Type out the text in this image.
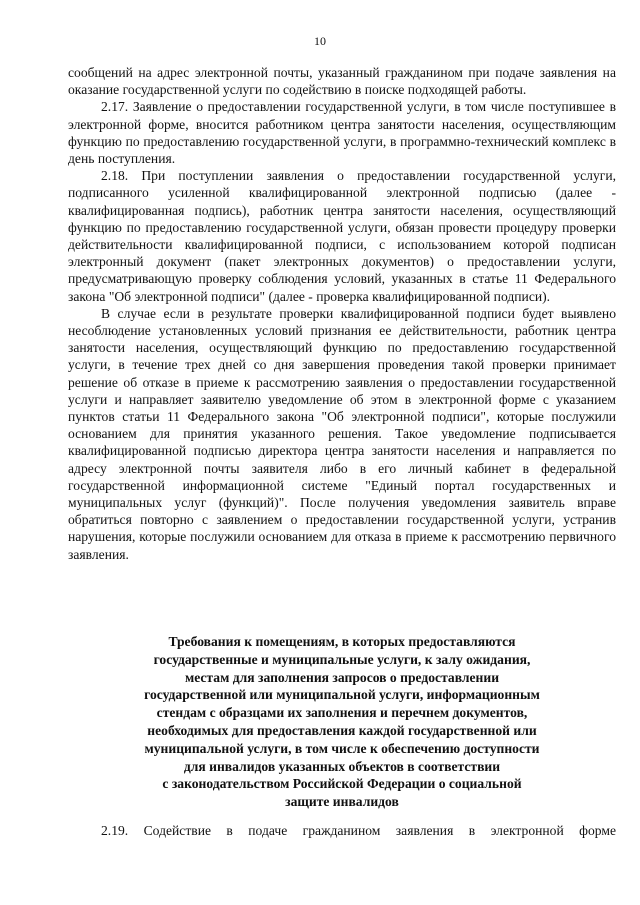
10

сообщений на адрес электронной почты, указанный гражданином при подаче заявления на оказание государственной услуги по содействию в поиске подходящей работы.

2.17. Заявление о предоставлении государственной услуги, в том числе поступившее в электронной форме, вносится работником центра занятости населения, осуществляющим функцию по предоставлению государственной услуги, в программно-технический комплекс в день поступления.

2.18. При поступлении заявления о предоставлении государственной услуги, подписанного усиленной квалифицированной электронной подписью (далее - квалифицированная подпись), работник центра занятости населения, осуществляющий функцию по предоставлению государственной услуги, обязан провести процедуру проверки действительности квалифицированной подписи, с использованием которой подписан электронный документ (пакет электронных документов) о предоставлении услуги, предусматривающую проверку соблюдения условий, указанных в статье 11 Федерального закона "Об электронной подписи" (далее - проверка квалифицированной подписи).

В случае если в результате проверки квалифицированной подписи будет выявлено несоблюдение установленных условий признания ее действительности, работник центра занятости населения, осуществляющий функцию по предоставлению государственной услуги, в течение трех дней со дня завершения проведения такой проверки принимает решение об отказе в приеме к рассмотрению заявления о предоставлении государственной услуги и направляет заявителю уведомление об этом в электронной форме с указанием пунктов статьи 11 Федерального закона "Об электронной подписи", которые послужили основанием для принятия указанного решения. Такое уведомление подписывается квалифицированной подписью директора центра занятости населения и направляется по адресу электронной почты заявителя либо в его личный кабинет в федеральной государственной информационной системе "Единый портал государственных и муниципальных услуг (функций)". После получения уведомления заявитель вправе обратиться повторно с заявлением о предоставлении государственной услуги, устранив нарушения, которые послужили основанием для отказа в приеме к рассмотрению первичного заявления.

Требования к помещениям, в которых предоставляются
государственные и муниципальные услуги, к залу ожидания,
местам для заполнения запросов о предоставлении
государственной или муниципальной услуги, информационным
стендам с образцами их заполнения и перечнем документов,
необходимых для предоставления каждой государственной или
муниципальной услуги, в том числе к обеспечению доступности
для инвалидов указанных объектов в соответствии
с законодательством Российской Федерации о социальной
защите инвалидов
2.19. Содействие в подаче гражданином заявления в электронной форме
